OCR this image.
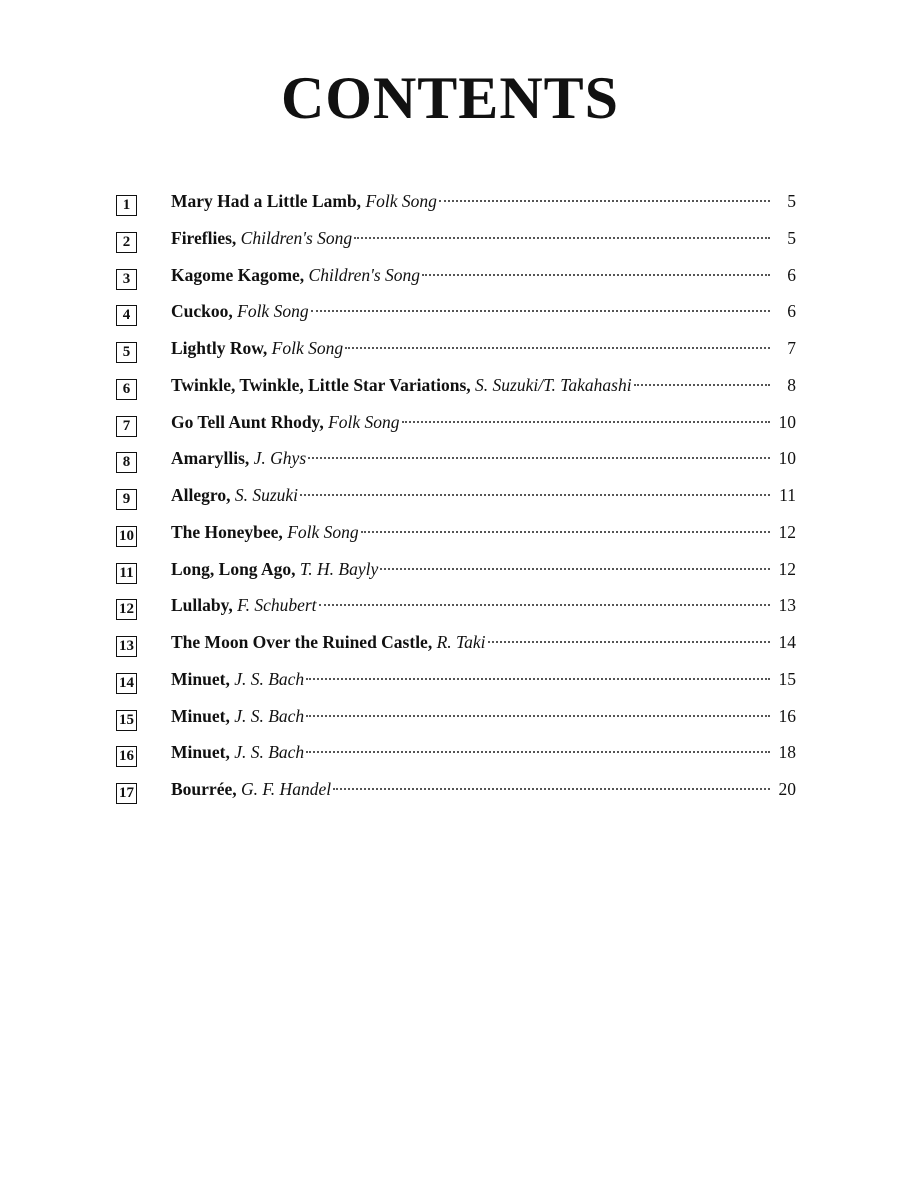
CONTENTS
1	Mary Had a Little Lamb, Folk Song	5
2	Fireflies, Children's Song	5
3	Kagome Kagome, Children's Song	6
4	Cuckoo, Folk Song	6
5	Lightly Row, Folk Song	7
6	Twinkle, Twinkle, Little Star Variations, S. Suzuki/T. Takahashi	8
7	Go Tell Aunt Rhody, Folk Song	10
8	Amaryllis, J. Ghys	10
9	Allegro, S. Suzuki	11
10 The Honeybee, Folk Song	12
11 Long, Long Ago, T. H. Bayly	12
12 Lullaby, F. Schubert	13
13 The Moon Over the Ruined Castle, R. Taki	14
14 Minuet, J. S. Bach	15
15 Minuet, J. S. Bach	16
16 Minuet, J. S. Bach	18
17 Bourrée, G. F. Handel	20
